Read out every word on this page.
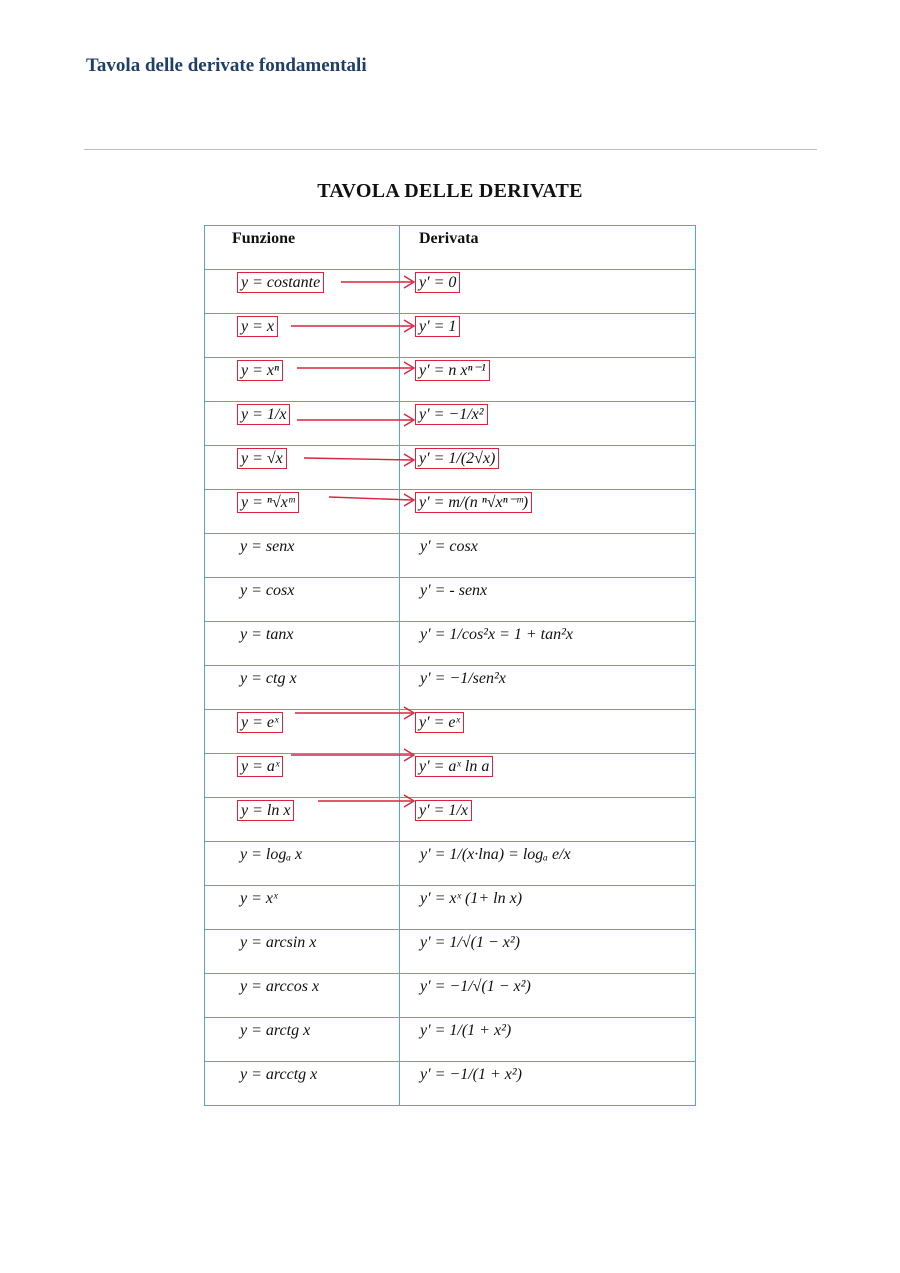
Tavola delle derivate fondamentali
TAVOLA DELLE DERIVATE
Funzione	Derivata

y = costante	y′ = 0
y = x	y′ = 1
y = xⁿ	y′ = n xⁿ⁻¹
y = 1/x	y′ = −1/x²
y = √x	y′ = 1/(2√x)
y = ⁿ√xᵐ	y′ = m/(n ⁿ√xⁿ⁻ᵐ)
y = senx	y′ = cosx
y = cosx	y′ = - senx
y = tanx	y′ = 1/cos²x = 1 + tan²x
y = ctg x	y′ = −1/sen²x
y = eˣ	y′ = eˣ
y = aˣ	y′ = aˣ ln a
y = ln x	y′ = 1/x
y = logₐ x	y′ = 1/(x·lna) = logₐ e/x
y = xˣ	y′ = xˣ (1+ ln x)
y = arcsin x	y′ = 1/√(1 − x²)
y = arccos x	y′ = −1/√(1 − x²)
y = arctg x	y′ = 1/(1 + x²)
y = arcctg x	y′ = −1/(1 + x²)
